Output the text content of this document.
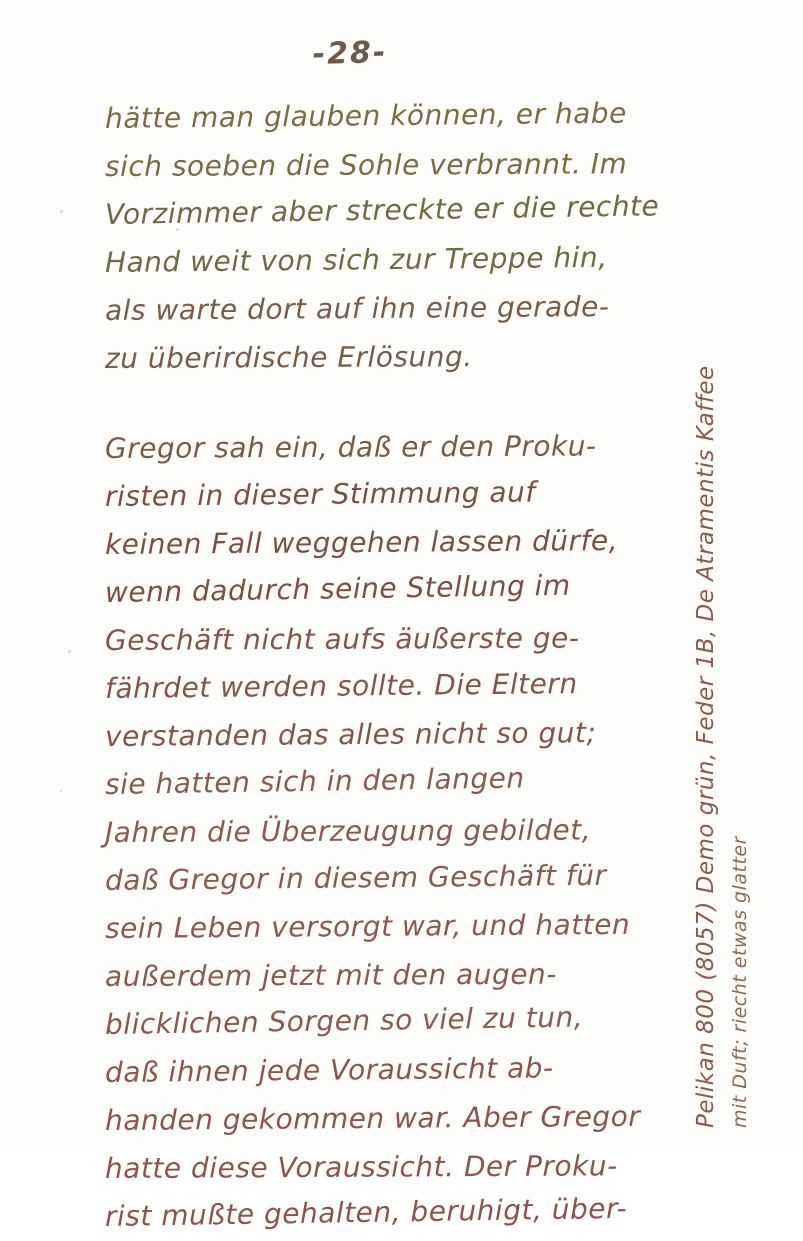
-28-
hätte man glauben können, er habe
sich soeben die Sohle verbrannt. Im
Vorzimmer aber streckte er die rechte
Hand weit von sich zur Treppe hin,
als warte dort auf ihn eine gerade-
zu überirdische Erlösung.
Gregor sah ein, daß er den Proku-
risten in dieser Stimmung auf
keinen Fall weggehen lassen dürfe,
wenn dadurch seine Stellung im
Geschäft nicht aufs äußerste ge-
fährdet werden sollte. Die Eltern
verstanden das alles nicht so gut;
sie hatten sich in den langen
Jahren die Überzeugung gebildet,
daß Gregor in diesem Geschäft für
sein Leben versorgt war, und hatten
außerdem jetzt mit den augen-
blicklichen Sorgen so viel zu tun,
daß ihnen jede Voraussicht ab-
handen gekommen war. Aber Gregor
hatte diese Voraussicht. Der Proku-
rist mußte gehalten, beruhigt, über-
Pelikan 800 (8057) Demo grün, Feder 1B, De Atramentis Kaffee mit Duft; riecht etwas glatter
